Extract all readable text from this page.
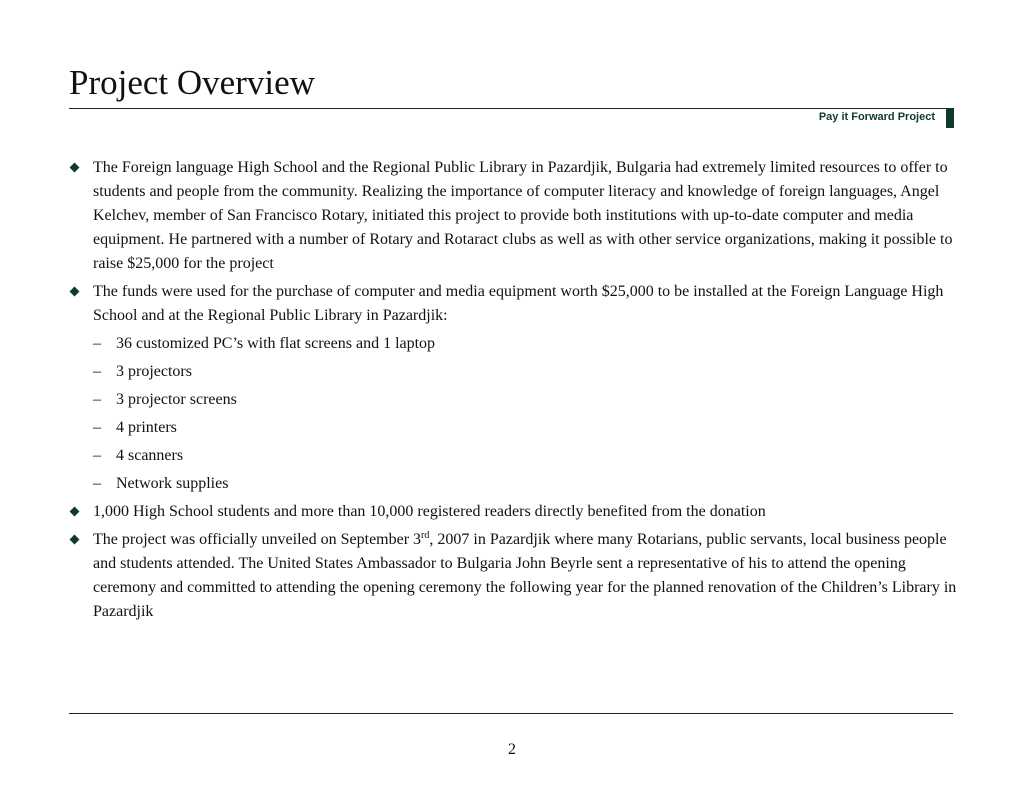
Project Overview
Pay it Forward Project
The Foreign language High School and the Regional Public Library in Pazardjik, Bulgaria had extremely limited resources to offer to students and people from the community. Realizing the importance of computer literacy and knowledge of foreign languages, Angel Kelchev, member of San Francisco Rotary, initiated this project to provide both institutions with up-to-date computer and media equipment. He partnered with a number of Rotary and Rotaract clubs as well as with other service organizations, making it possible to raise $25,000 for the project
The funds were used for the purchase of computer and media equipment worth $25,000 to be installed at the Foreign Language High School and at the Regional Public Library in Pazardjik:
– 36 customized PC’s with flat screens and 1 laptop
– 3 projectors
– 3 projector screens
– 4 printers
– 4 scanners
– Network supplies
1,000 High School students and more than 10,000 registered readers directly benefited from the donation
The project was officially unveiled on September 3rd, 2007 in Pazardjik where many Rotarians, public servants, local business people and students attended. The United States Ambassador to Bulgaria John Beyrle sent a representative of his to attend the opening ceremony and committed to attending the opening ceremony the following year for the planned renovation of the Children’s Library in Pazardjik
2
